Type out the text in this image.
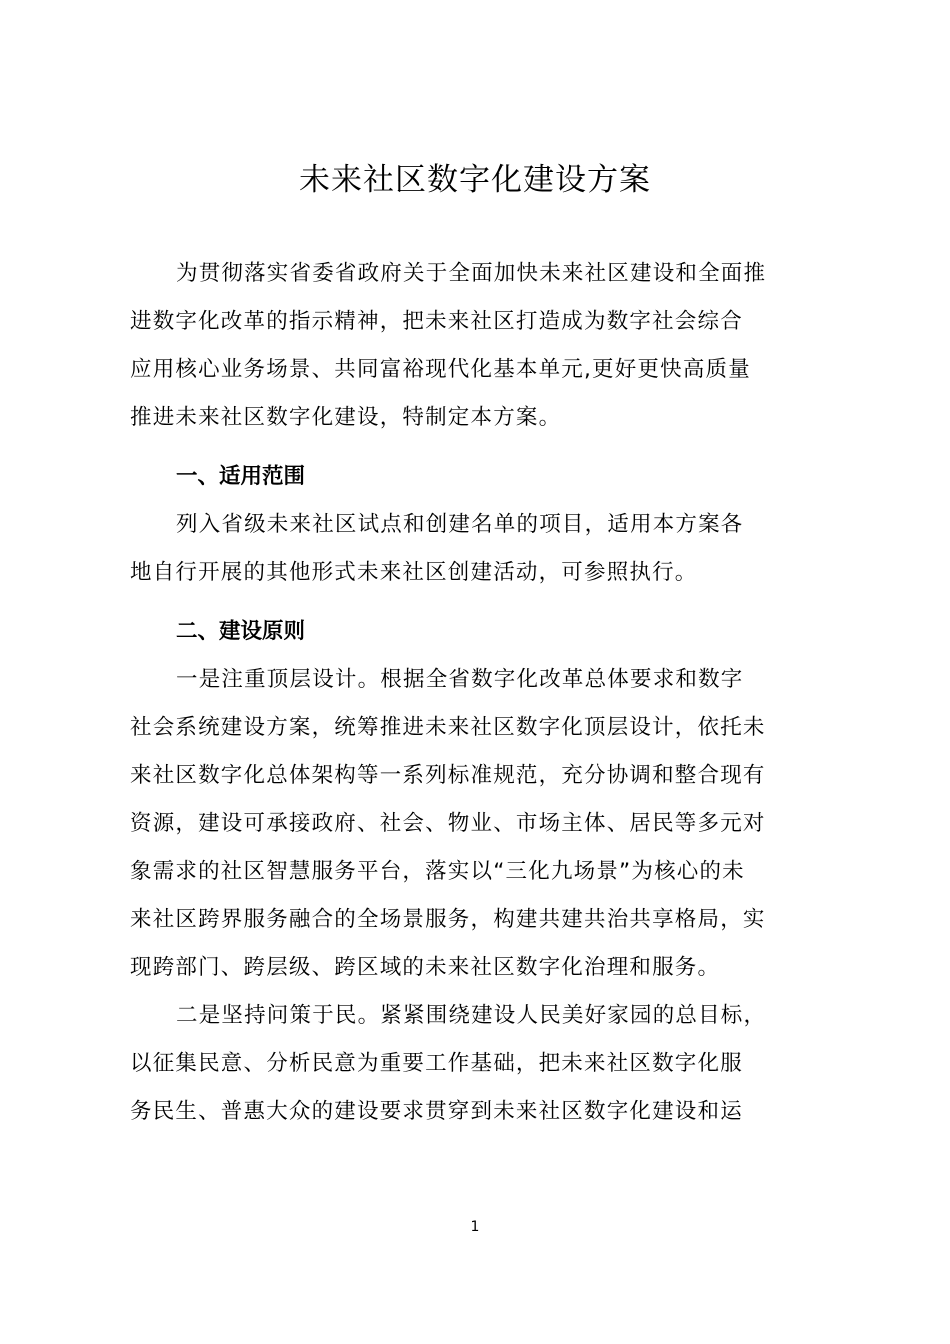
未来社区数字化建设方案
为贯彻落实省委省政府关于全面加快未来社区建设和全面推
进数字化改革的指示精神，把未来社区打造成为数字社会综合
应用核心业务场景、共同富裕现代化基本单元,更好更快高质量
推进未来社区数字化建设，特制定本方案。
一、适用范围
列入省级未来社区试点和创建名单的项目，适用本方案各
地自行开展的其他形式未来社区创建活动，可参照执行。
二、建设原则
一是注重顶层设计。根据全省数字化改革总体要求和数字
社会系统建设方案，统筹推进未来社区数字化顶层设计，依托未
来社区数字化总体架构等一系列标准规范，充分协调和整合现有
资源，建设可承接政府、社会、物业、市场主体、居民等多元对
象需求的社区智慧服务平台，落实以“三化九场景”为核心的未
来社区跨界服务融合的全场景服务，构建共建共治共享格局，实
现跨部门、跨层级、跨区域的未来社区数字化治理和服务。
二是坚持问策于民。紧紧围绕建设人民美好家园的总目标，
以征集民意、分析民意为重要工作基础，把未来社区数字化服
务民生、普惠大众的建设要求贯穿到未来社区数字化建设和运
1
